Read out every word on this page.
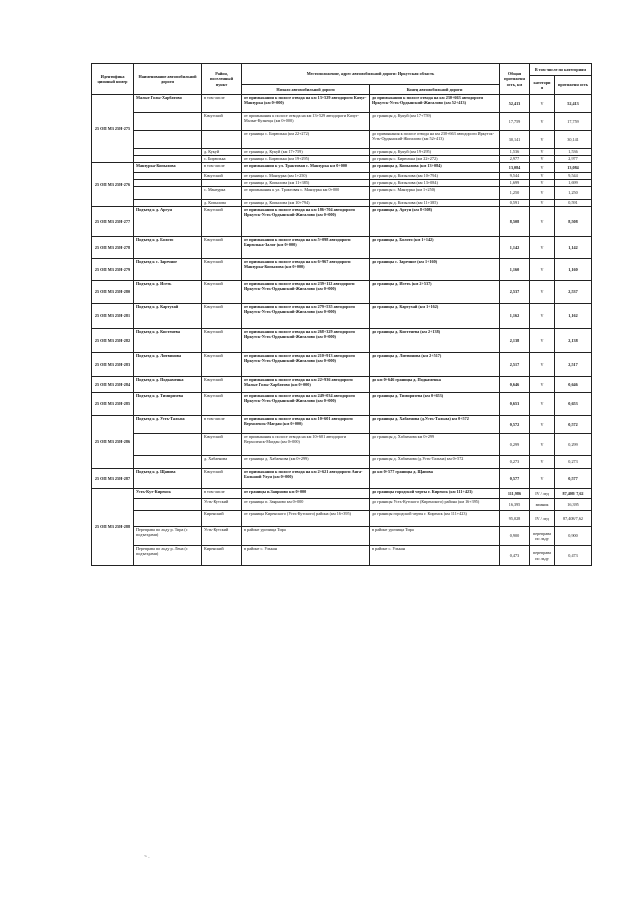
Идентифика ционный номер	Наименование автомобильной дороги	Район, поселенный пункт	Местоположение, адрес автомобильной дороги: Иркутская область		Общая протяженн ость, км	В том числе по категориям	
						категори я	протяженн ость
			Начало автомобильной дороги	Конец автомобильной дороги			
25 ОП МЗ 25Н-275	Малые Голы-Харбатово	в том числе	от примыкания к полосе отвода на км 13+529 автодороги Качуг-Манзурка (км 0+000)	до примыкания к полосе отвода на км 230+663 автодороги Иркутск-Усть-Ордынский-Жигалово (км 52+413)	52,413	V	52,413
		Качугский	от примыкания к полосе отвода на км 13+529 автодороги Качуг-Малые-Кузнецы (км 0+000)	до границы д. Кукуй (км 17+759)	17,759	V	17,759
			от границы с. Бирюлька (км 22+272)	до примыкания к полосе отвода на км 230+663 автодороги Иркутск-Усть-Ордынский-Жигалово (км 52+413)	30,141	V	30,141
		д. Кукуй	от границы д. Кукуй (км 17+759)	до границы д. Кукуй (км 19+295)	1,536	V	1,536
		с. Бирюлька	от границы с. Бирюлька (км 19+295)	до границы с. Бирюлька (км 22+272)	2,977	V	2,977
25 ОП МЗ 25Н-276	Манзурка-Копылова	в том числе	от примыкания к ул. Трактовая с. Манзурка км 0+000	до границы д. Копылова (км 13+084)	13,084	V	13,084
		Качугский	от границы с. Манзурка (км 1+250)	до границы д. Копылова (км 10+794)	9,544	V	9,544
			от границы д. Копылова (км 11+385)	до границы д. Копылова (км 13+084)	1,699	V	1,699
		с. Манзурка	от примыкания к ул. Трактовая с. Манзурка км 0+000	до границы с. Манзурка (км 1+250)	1,250	V	1,250
		д. Копылова	от границы д. Копылова (км 10+794)	до границы д. Копылова (км 11+385)	0,591	V	0,591
25 ОП МЗ 25Н-277	Подъезд к д. Аргун	Качугский	от примыкания к полосе отвода на км 186+704 автодороги Иркутск-Усть-Ордынский-Жигалово (км 0+000)	до границы д. Аргун (км 8+508)	8,508	V	8,508
25 ОП МЗ 25Н-278	Подъезд к д. Болото	Качугский	от примыкания к полосе отвода на км 5+098 автодороги Бирюлька-Залог (км 0+000)	до границы д. Болото (км 1+142)	1,142	V	1,142
25 ОП МЗ 25Н-279	Подъезд к с. Заречное	Качугский	от примыкания к полосе отвода на км 6+967 автодороги Манзурка-Копылова (км 0+000)	до границы с. Заречное (км 1+160)	1,160	V	1,160
25 ОП МЗ 25Н-280	Подъезд к д. Исеть	Качугский	от примыкания к полосе отвода на км 239+112 автодороги Иркутск-Усть-Ордынский-Жигалово (км 0+000)	до границы д. Исеть (км 2+537)	2,537	V	2,537
25 ОП МЗ 25Н-281	Подъезд к д. Картухай	Качугский	от примыкания к полосе отвода на км 279+535 автодороги Иркутск-Усть-Ордынский-Жигалово (км 0+000)	до границы д. Картухай (км 1+162)	1,162	V	1,162
25 ОП МЗ 25Н-282	Подъезд к д. Кистенева	Качугский	от примыкания к полосе отвода на км 268+329 автодороги Иркутск-Усть-Ордынский-Жигалово (км 0+000)	до границы д. Кистенева (км 2+138)	2,138	V	2,138
25 ОП МЗ 25Н-283	Подъезд к д. Литвинова	Качугский	от примыкания к полосе отвода на км 210+913 автодороги Иркутск-Усть-Ордынский-Жигалово (км 0+000)	до границы д. Литвинова (км 2+517)	2,517	V	2,517
25 ОП МЗ 25Н-284	Подъезд к д. Подкаменка	Качугский	от примыкания к полосе отвода на км 22+936 автодороги Малые Голы-Харбатово (км 0+000)	до км 0+646 границы д. Подкаменка	0,646	V	0,646
25 ОП МЗ 25Н-285	Подъезд к д. Тимирязева	Качугский	от примыкания к полосе отвода на км 249+034 автодороги Иркутск-Усть-Ордынский-Жигалово (км 0+000)	до границы д. Тимирязева (км 0+653)	0,653	V	0,653
25 ОП МЗ 25Н-286	Подъезд к д. Усть-Тальма	в том числе	от примыкания к полосе отвода на км 10+601 автодороги Верхоленск-Магдан (км 0+000)	до границы д. Хабаенова (д.Усть-Тальма) км 0+572	0,572	V	0,572
		Качугский	от примыкания к полосе отвода на км 10+601 автодороги Верхоленск-Магдан (км 0+000)	до границы д. Хабаенова км 0+299	0,299	V	0,299
		д. Хабаенова	от границы д. Хабаенова (км 0+299)	до границы д. Хабаенова (д.Усть-Тальма) км 0+572	0,273	V	0,273
25 ОП МЗ 25Н-287	Подъезд к д. Щапова	Качугский	от примыкания к полосе отвода на км 2+621 автодороги Анга-Большой Улун (км 0+000)	до км 0+577 границы д. Щапова	0,577	V	0,577
25 ОП МЗ 25Н-288	Усть-Кут-Киренск	в том числе	от границы п.Заярново км 0+000	до границы городской черты г. Киренск (км 111+423)	111,986	IV / лед	87,408/ 7,62
		Усть-Кутский	от границы п. Заярново км 0+000	до границы Усть-Кутского (Киренского) района (км 16+395)	16,395	зимник	16,395
		Киренский	от границы Киренского (Усть-Кутского) района (км 16+395)	до границы городской черты г. Киренск (км 111+423)	95,028	IV / лед	87,408/7,62
	Переправа по льду р. Тира (с подъездами)	Усть-Кутский	в районе урочища Тира	в районе урочища Тира	0,900	переправа по льду	0,900
	Переправа по льду р. Лена (с подъездами)	Киренский	в районе с. Улькан	в районе с. Улькан	0,473	переправа по льду	0,473
~ .
